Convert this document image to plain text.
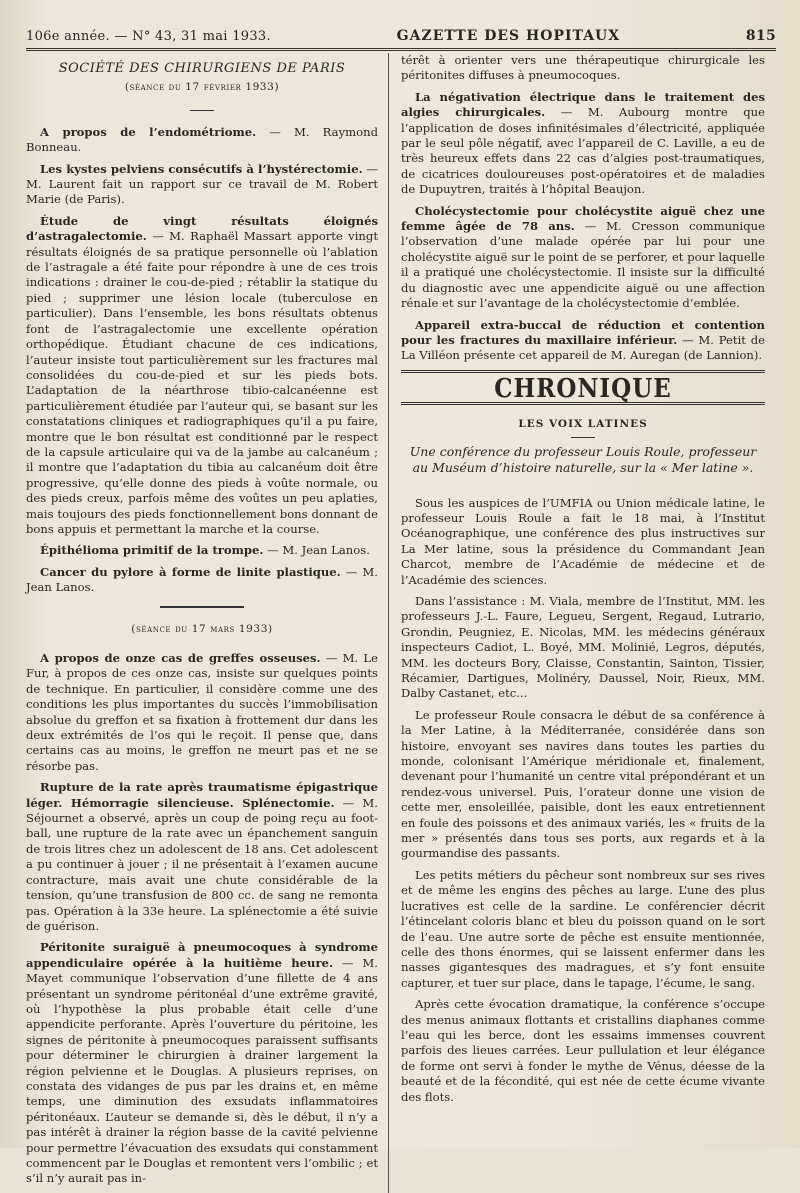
106e année. — N° 43, 31 mai 1933.	GAZETTE DES HOPITAUX	815
SOCIÉTÉ DES CHIRURGIENS DE PARIS
(séance du 17 février 1933)

A propos de l’endométriome. — M. Raymond Bonneau.

Les kystes pelviens consécutifs à l’hystérectomie. — M. Laurent fait un rapport sur ce travail de M. Robert Marie (de Paris).

Étude de vingt résultats éloignés d’astragalectomie. — M. Raphaël Massart apporte vingt résultats éloignés de sa pratique personnelle où l’ablation de l’astragale a été faite pour répondre à une de ces trois indications : drainer le cou-de-pied ; rétablir la statique du pied ; supprimer une lésion locale (tuberculose en particulier). Dans l’ensemble, les bons résultats obtenus font de l’astragalectomie une excellente opération orthopédique. Étudiant chacune de ces indications, l’auteur insiste tout particulièrement sur les fractures mal consolidées du cou-de-pied et sur les pieds bots. L’adaptation de la néarthrose tibio-calcanéenne est particulièrement étudiée par l’auteur qui, se basant sur les constatations cliniques et radiographiques qu’il a pu faire, montre que le bon résultat est conditionné par le respect de la capsule articulaire qui va de la jambe au calcanéum ; il montre que l’adaptation du tibia au calcanéum doit être progressive, qu’elle donne des pieds à voûte normale, ou des pieds creux, parfois même des voûtes un peu aplaties, mais toujours des pieds fonctionnellement bons donnant de bons appuis et permettant la marche et la course.

Épithélioma primitif de la trompe. — M. Jean Lanos.

Cancer du pylore à forme de linite plastique. — M. Jean Lanos.

(séance du 17 mars 1933)

A propos de onze cas de greffes osseuses. — M. Le Fur, à propos de ces onze cas, insiste sur quelques points de technique. En particulier, il considère comme une des conditions les plus importantes du succès l’immobilisation absolue du greffon et sa fixation à frottement dur dans les deux extrémités de l’os qui le reçoit. Il pense que, dans certains cas au moins, le greffon ne meurt pas et ne se résorbe pas.

Rupture de la rate après traumatisme épigastrique léger. Hémorragie silencieuse. Splénectomie. — M. Séjournet a observé, après un coup de poing reçu au foot-ball, une rupture de la rate avec un épanchement sanguin de trois litres chez un adolescent de 18 ans. Cet adolescent a pu continuer à jouer ; il ne présentait à l’examen aucune contracture, mais avait une chute considérable de la tension, qu’une transfusion de 800 cc. de sang ne remonta pas. Opération à la 33e heure. La splénectomie a été suivie de guérison.

Péritonite suraiguë à pneumocoques à syndrome appendiculaire opérée à la huitième heure. — M. Mayet communique l’observation d’une fillette de 4 ans présentant un syndrome péritonéal d’une extrême gravité, où l’hypothèse la plus probable était celle d’une appendicite perforante. Après l’ouverture du péritoine, les signes de péritonite à pneumocoques paraissent suffisants pour déterminer le chirurgien à drainer largement la région pelvienne et le Douglas. A plusieurs reprises, on constata des vidanges de pus par les drains et, en même temps, une diminution des exsudats inflammatoires péritonéaux. L’auteur se demande si, dès le début, il n’y a pas intérêt à drainer la région basse de la cavité pelvienne pour permettre l’évacuation des exsudats qui constamment commencent par le Douglas et remontent vers l’ombilic ; et s’il n’y aurait pas in-

térêt à orienter vers une thérapeutique chirurgicale les péritonites diffuses à pneumocoques.

La négativation électrique dans le traitement des algies chirurgicales. — M. Aubourg montre que l’application de doses infinitésimales d’électricité, appliquée par le seul pôle négatif, avec l’appareil de C. Laville, a eu de très heureux effets dans 22 cas d’algies post-traumatiques, de cicatrices douloureuses post-opératoires et de maladies de Dupuytren, traités à l’hôpital Beaujon.

Cholécystectomie pour cholécystite aiguë chez une femme âgée de 78 ans. — M. Cresson communique l’observation d’une malade opérée par lui pour une cholécystite aiguë sur le point de se perforer, et pour laquelle il a pratiqué une cholécystectomie. Il insiste sur la difficulté du diagnostic avec une appendicite aiguë ou une affection rénale et sur l’avantage de la cholécystectomie d’emblée.

Appareil extra-buccal de réduction et contention pour les fractures du maxillaire inférieur. — M. Petit de La Villéon présente cet appareil de M. Auregan (de Lannion).

CHRONIQUE
LES VOIX LATINES
Une conférence du professeur Louis Roule, professeur au Muséum d’histoire naturelle, sur la « Mer latine ».

Sous les auspices de l’UMFIA ou Union médicale latine, le professeur Louis Roule a fait le 18 mai, à l’Institut Océanographique, une conférence des plus instructives sur La Mer latine, sous la présidence du Commandant Jean Charcot, membre de l’Académie de médecine et de l’Académie des sciences.

Dans l’assistance : M. Viala, membre de l’Institut, MM. les professeurs J.-L. Faure, Legueu, Sergent, Regaud, Lutrario, Grondin, Peugniez, E. Nicolas, MM. les médecins généraux inspecteurs Cadiot, L. Boyé, MM. Molinié, Legros, députés, MM. les docteurs Bory, Claisse, Constantin, Sainton, Tissier, Récamier, Dartigues, Molinéry, Daussel, Noir, Rieux, MM. Dalby Castanet, etc...

Le professeur Roule consacra le début de sa conférence à la Mer Latine, à la Méditerranée, considérée dans son histoire, envoyant ses navires dans toutes les parties du monde, colonisant l’Amérique méridionale et, finalement, devenant pour l’humanité un centre vital prépondérant et un rendez-vous universel. Puis, l’orateur donne une vision de cette mer, ensoleillée, paisible, dont les eaux entretiennent en foule des poissons et des animaux variés, les « fruits de la mer » présentés dans tous ses ports, aux regards et à la gourmandise des passants.

Les petits métiers du pêcheur sont nombreux sur ses rives et de même les engins des pêches au large. L’une des plus lucratives est celle de la sardine. Le conférencier décrit l’étincelant coloris blanc et bleu du poisson quand on le sort de l’eau. Une autre sorte de pêche est ensuite mentionnée, celle des thons énormes, qui se laissent enfermer dans les nasses gigantesques des madragues, et s’y font ensuite capturer, et tuer sur place, dans le tapage, l’écume, le sang.

Après cette évocation dramatique, la conférence s’occupe des menus animaux flottants et cristallins diaphanes comme l’eau qui les berce, dont les essaims immenses couvrent parfois des lieues carrées. Leur pullulation et leur élégance de forme ont servi à fonder le mythe de Vénus, déesse de la beauté et de la fécondité, qui est née de cette écume vivante des flots.
